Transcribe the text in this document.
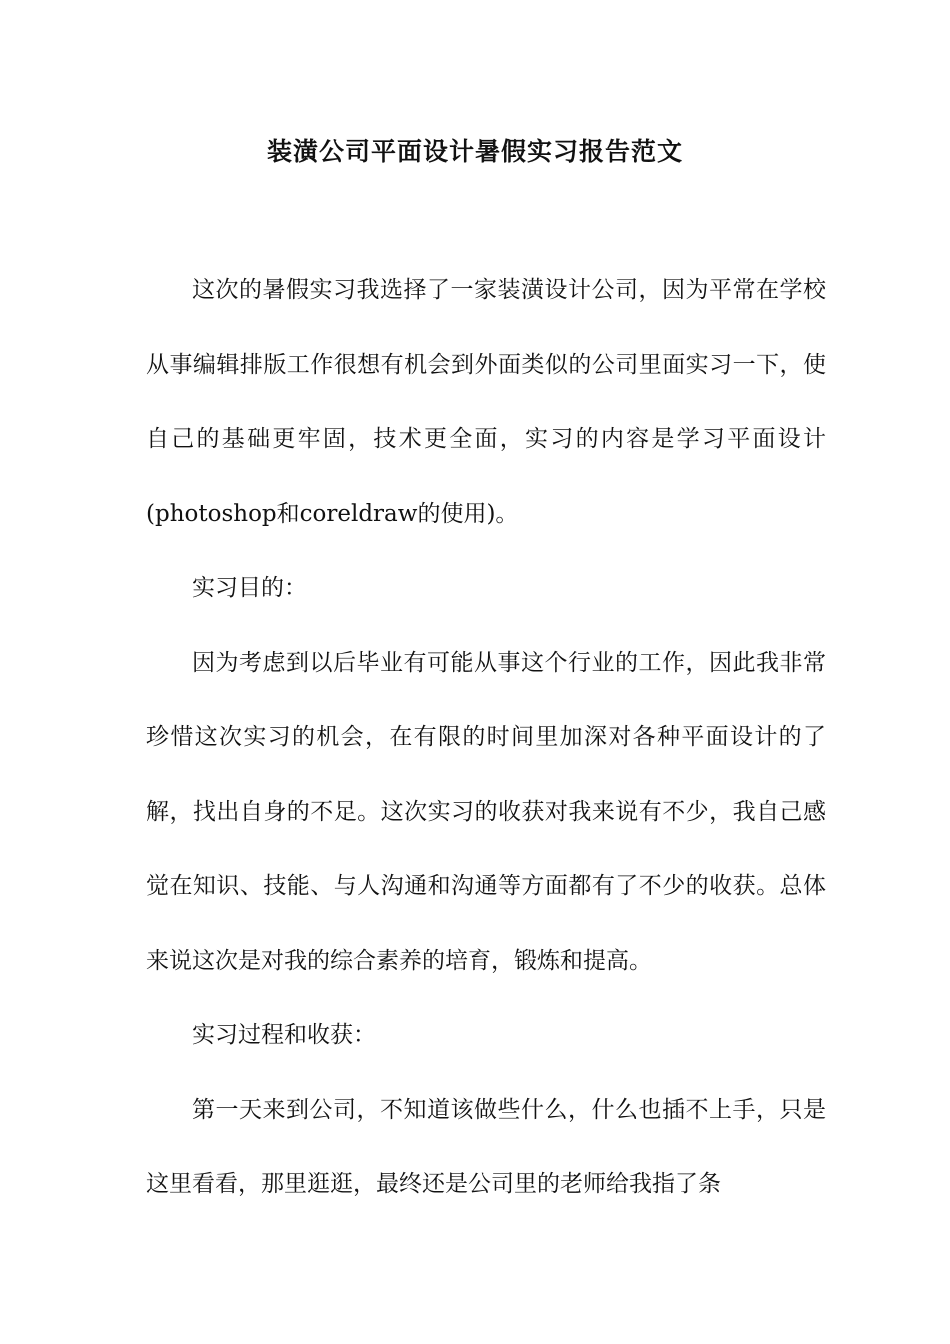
装潢公司平面设计暑假实习报告范文

这次的暑假实习我选择了一家装潢设计公司，因为平常在学校从事编辑排版工作很想有机会到外面类似的公司里面实习一下，使自己的基础更牢固，技术更全面，实习的内容是学习平面设计(photoshop和coreldraw的使用)。

实习目的：

因为考虑到以后毕业有可能从事这个行业的工作，因此我非常珍惜这次实习的机会，在有限的时间里加深对各种平面设计的了解，找出自身的不足。这次实习的收获对我来说有不少，我自己感觉在知识、技能、与人沟通和沟通等方面都有了不少的收获。总体来说这次是对我的综合素养的培育，锻炼和提高。

实习过程和收获：

第一天来到公司，不知道该做些什么，什么也插不上手，只是这里看看，那里逛逛，最终还是公司里的老师给我指了条
